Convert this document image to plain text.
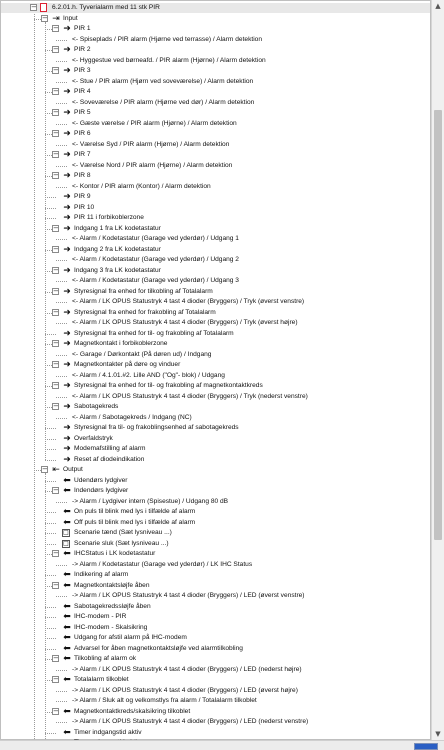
− 6.2.01.h. Tyverialarm med 11 stk PIR
− ⇥ Input
− ➜ PIR 1
<- Spiseplads / PIR alarm (Hjørne ved terrasse) / Alarm detektion
− ➜ PIR 2
<- Hyggestue ved børneafd. / PIR alarm (Hjørne) / Alarm detektion
− ➜ PIR 3
<- Stue / PIR alarm (Hjørn ved soveværelse) / Alarm detektion
− ➜ PIR 4
<- Soveværelse / PIR alarm (Hjørne ved dør) / Alarm detektion
− ➜ PIR 5
<- Gæste værelse / PIR alarm (Hjørne) / Alarm detektion
− ➜ PIR 6
<- Værelse Syd / PIR alarm (Hjørne) / Alarm detektion
− ➜ PIR 7
<- Værelse Nord / PIR alarm (Hjørne) / Alarm detektion
− ➜ PIR 8
<- Kontor / PIR alarm (Kontor) / Alarm detektion
➜ PIR 9
➜ PIR 10
➜ PIR 11 i forbikoblerzone
− ➜ Indgang 1 fra LK kodetastatur
<- Alarm / Kodetastatur (Garage ved yderdør) / Udgang 1
− ➜ Indgang 2 fra LK kodetastatur
<- Alarm / Kodetastatur (Garage ved yderdør) / Udgang 2
− ➜ Indgang 3 fra LK kodetastatur
<- Alarm / Kodetastatur (Garage ved yderdør) / Udgang 3
− ➜ Styresignal fra enhed for tilkobling af Totalalarm
<- Alarm / LK OPUS Statustryk 4 tast 4 dioder (Bryggers) / Tryk (øverst venstre)
− ➜ Styresignal fra enhed for frakobling af Totalalarm
<- Alarm / LK OPUS Statustryk 4 tast 4 dioder (Bryggers) / Tryk (øverst højre)
➜ Styresignal fra enhed for til- og frakobling af Totalalarm
− ➜ Magnetkontakt i forbikoblerzone
<- Garage / Dørkontakt (På døren ud) / Indgang
− ➜ Magnetkontakter på døre og vinduer
<- Alarm / 4.1.01.#2. Lille AND ("Og"- blok) / Udgang
− ➜ Styresignal fra enhed for til- og frakobling af magnetkontaktkreds
<- Alarm / LK OPUS Statustryk 4 tast 4 dioder (Bryggers) / Tryk (nederst venstre)
− ➜ Sabotagekreds
<- Alarm / Sabotagekreds / Indgang (NC)
➜ Styresignal fra til- og frakoblingsenhed af sabotagekreds
➜ Overfaldstryk
➜ Modemafstilling af alarm
➜ Reset af diodeindikation
− ⇤ Output
⬅ Udendørs lydgiver
− ⬅ Indendørs lydgiver
-> Alarm / Lydgiver intern (Spisestue) / Udgang 80 dB
⬅ On puls til blink med lys i tilfælde af alarm
⬅ Off puls til blink med lys i tilfælde af alarm
□ Scenarie tænd (Sæt lysniveau ...)
□ Scenarie sluk (Sæt lysniveau ...)
− ⬅ IHCStatus i LK kodetastatur
-> Alarm / Kodetastatur (Garage ved yderdør) / LK IHC Status
⬅ Indikering af alarm
− ⬅ Magnetkontaktsløjfe åben
-> Alarm / LK OPUS Statustryk 4 tast 4 dioder (Bryggers) / LED (øverst venstre)
⬅ Sabotagekredssløjfe åben
⬅ IHC-modem - PIR
⬅ IHC-modem - Skalsikring
⬅ Udgang for afstil alarm på IHC-modem
⬅ Advarsel for åben magnetkontaktsløjfe ved alarmtilkobling
− ⬅ Tilkobling af alarm ok
-> Alarm / LK OPUS Statustryk 4 tast 4 dioder (Bryggers) / LED (nederst højre)
− ⬅ Totalalarm tilkoblet
-> Alarm / LK OPUS Statustryk 4 tast 4 dioder (Bryggers) / LED (øverst højre)
-> Alarm / Sluk alt og velkomstlys fra alarm / Totalalarm tilkoblet
− ⬅ Magnetkontaktkreds/skalsikring tilkoblet
-> Alarm / LK OPUS Statustryk 4 tast 4 dioder (Bryggers) / LED (nederst venstre)
⬅ Timer indgangstid aktiv
▲
▼
